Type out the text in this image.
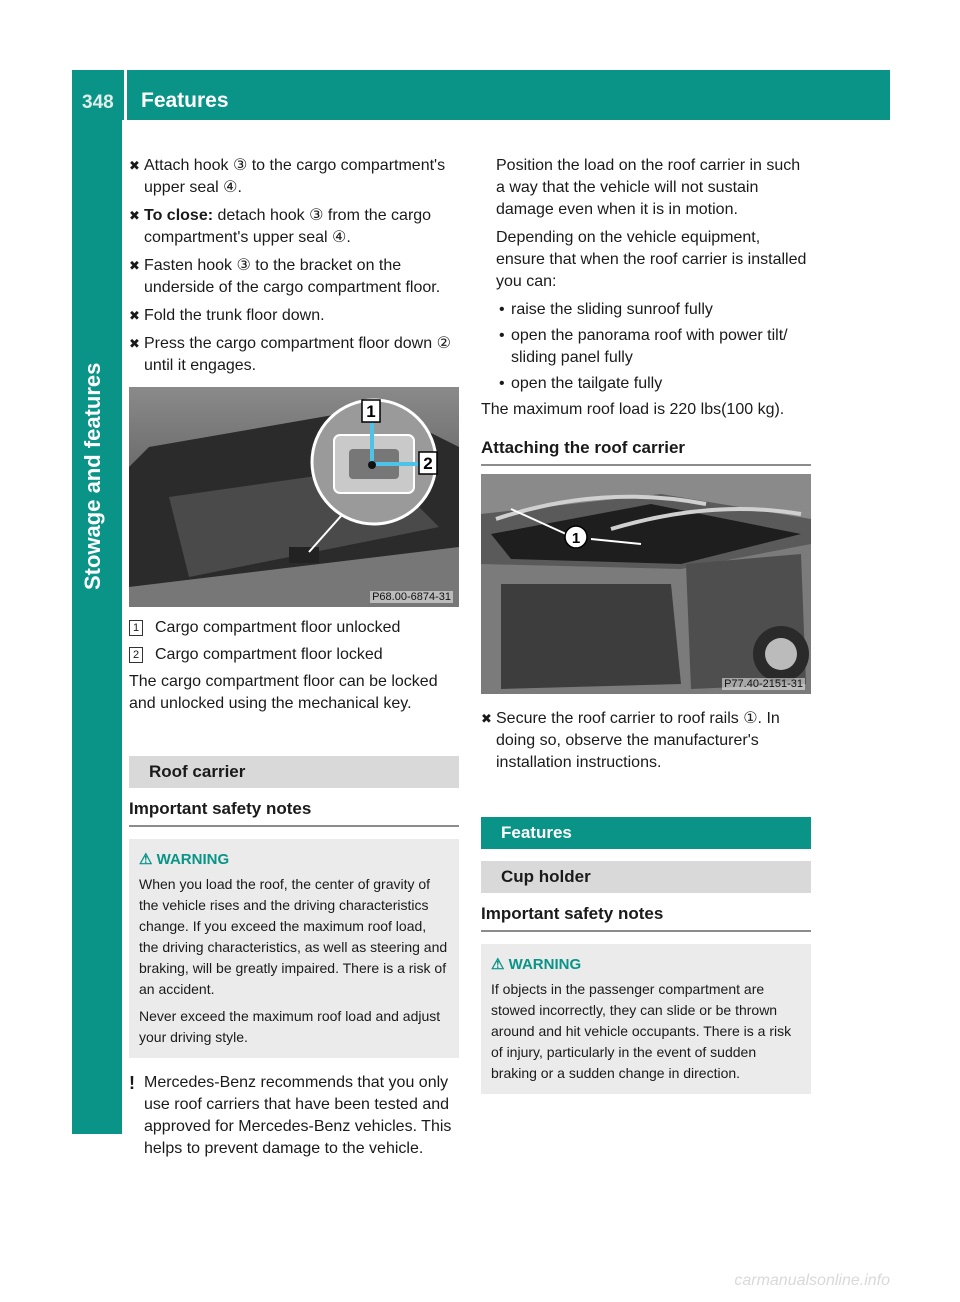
348 Features
Stowage and features
✖ Attach hook ③ to the cargo compartment's upper seal ④.
✖ To close: detach hook ③ from the cargo compartment's upper seal ④.
✖ Fasten hook ③ to the bracket on the underside of the cargo compartment floor.
✖ Fold the trunk floor down.
✖ Press the cargo compartment floor down ② until it engages.
1
2
P68.00-6874-31
1 Cargo compartment floor unlocked
2 Cargo compartment floor locked

The cargo compartment floor can be locked and unlocked using the mechanical key.

Roof carrier
Important safety notes
⚠ WARNING

When you load the roof, the center of gravity of the vehicle rises and the driving characteristics change. If you exceed the maximum roof load, the driving characteristics, as well as steering and braking, will be greatly impaired. There is a risk of an accident.

Never exceed the maximum roof load and adjust your driving style.

! Mercedes-Benz recommends that you only use roof carriers that have been tested and approved for Mercedes-Benz vehicles. This helps to prevent damage to the vehicle.

Position the load on the roof carrier in such a way that the vehicle will not sustain damage even when it is in motion.

Depending on the vehicle equipment, ensure that when the roof carrier is installed you can:

• raise the sliding sunroof fully
• open the panorama roof with power tilt/ sliding panel fully
• open the tailgate fully

The maximum roof load is 220 lbs(100 kg).

Attaching the roof carrier
1
P77.40-2151-31
✖ Secure the roof carrier to roof rails ①. In doing so, observe the manufacturer's installation instructions.
Features
Cup holder
Important safety notes
⚠ WARNING

If objects in the passenger compartment are stowed incorrectly, they can slide or be thrown around and hit vehicle occupants. There is a risk of injury, particularly in the event of sudden braking or a sudden change in direction.

carmanualsonline.info
